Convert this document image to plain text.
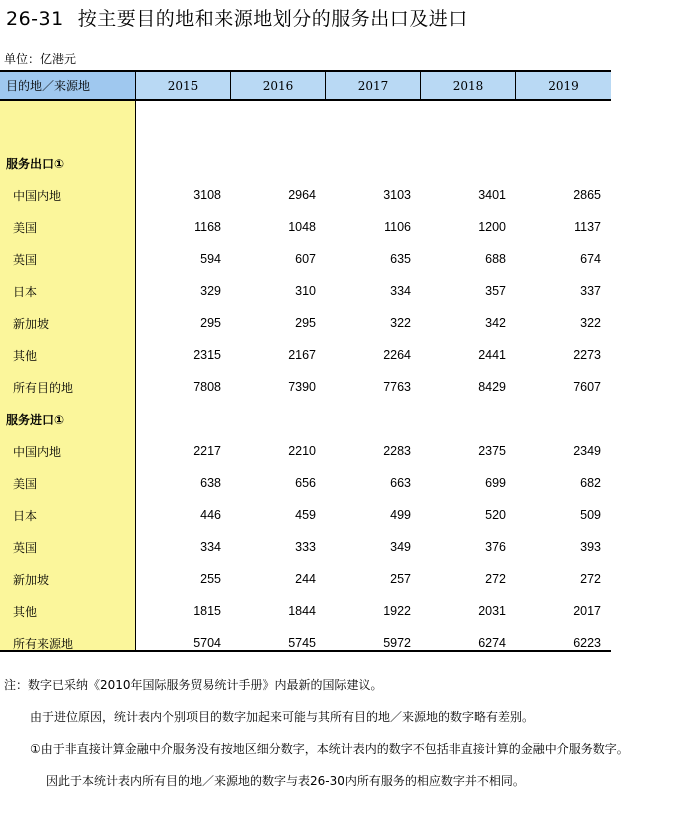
26-31 按主要目的地和来源地划分的服务出口及进口
单位：亿港元
目的地／来源地	2015	2016	2017	2018	2019
服务出口①
中国内地	3108	2964	3103	3401	2865
美国	1168	1048	1106	1200	1137
英国	594	607	635	688	674
日本	329	310	334	357	337
新加坡	295	295	322	342	322
其他	2315	2167	2264	2441	2273
所有目的地	7808	7390	7763	8429	7607
服务进口①
中国内地	2217	2210	2283	2375	2349
美国	638	656	663	699	682
日本	446	459	499	520	509
英国	334	333	349	376	393
新加坡	255	244	257	272	272
其他	1815	1844	1922	2031	2017
所有来源地	5704	5745	5972	6274	6223
注：数字已采纳《2010年国际服务贸易统计手册》内最新的国际建议。
由于进位原因，统计表内个别项目的数字加起来可能与其所有目的地／来源地的数字略有差别。
①由于非直接计算金融中介服务没有按地区细分数字，本统计表内的数字不包括非直接计算的金融中介服务数字。
因此于本统计表内所有目的地／来源地的数字与表26-30内所有服务的相应数字并不相同。
